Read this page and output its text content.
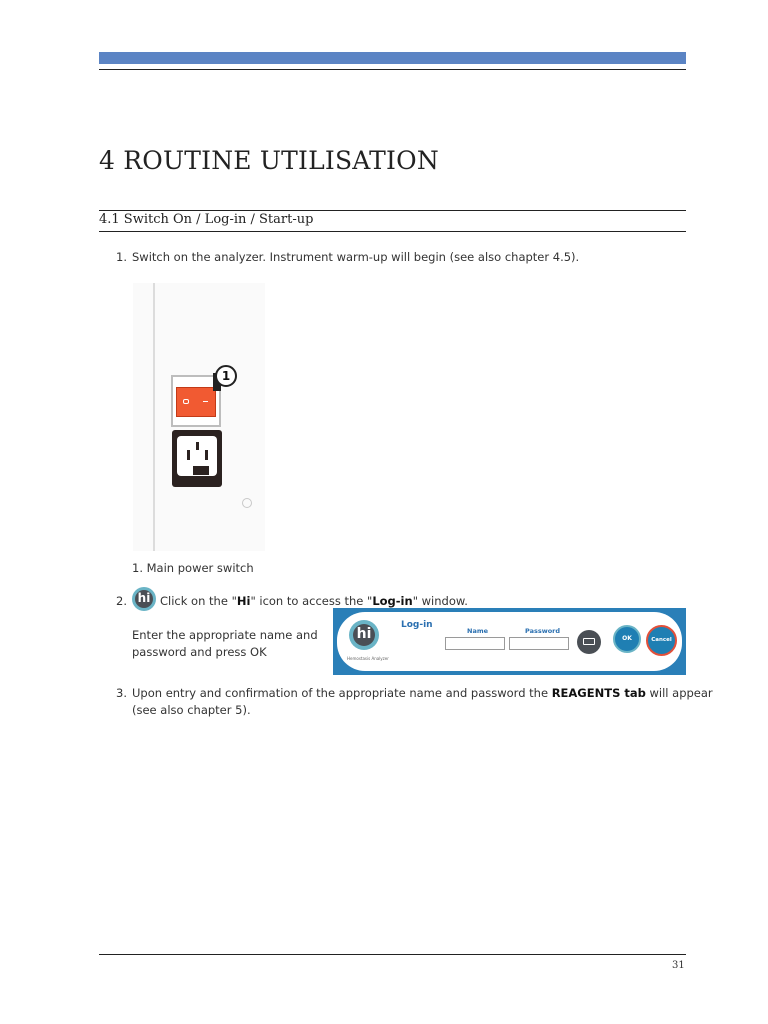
4 ROUTINE UTILISATION
4.1 Switch On / Log-in / Start-up
1. Switch on the analyzer. Instrument warm-up will begin (see also chapter 4.5).
1
1. Main power switch
2. hi Click on the "Hi" icon to access the "Log-in" window.
Enter the appropriate name and
password and press OK
hi
Hemostasis Analyzer
Log-in
Name	Password
OK	Cancel
3. Upon entry and confirmation of the appropriate name and password the REAGENTS tab will appear
(see also chapter 5).
31
